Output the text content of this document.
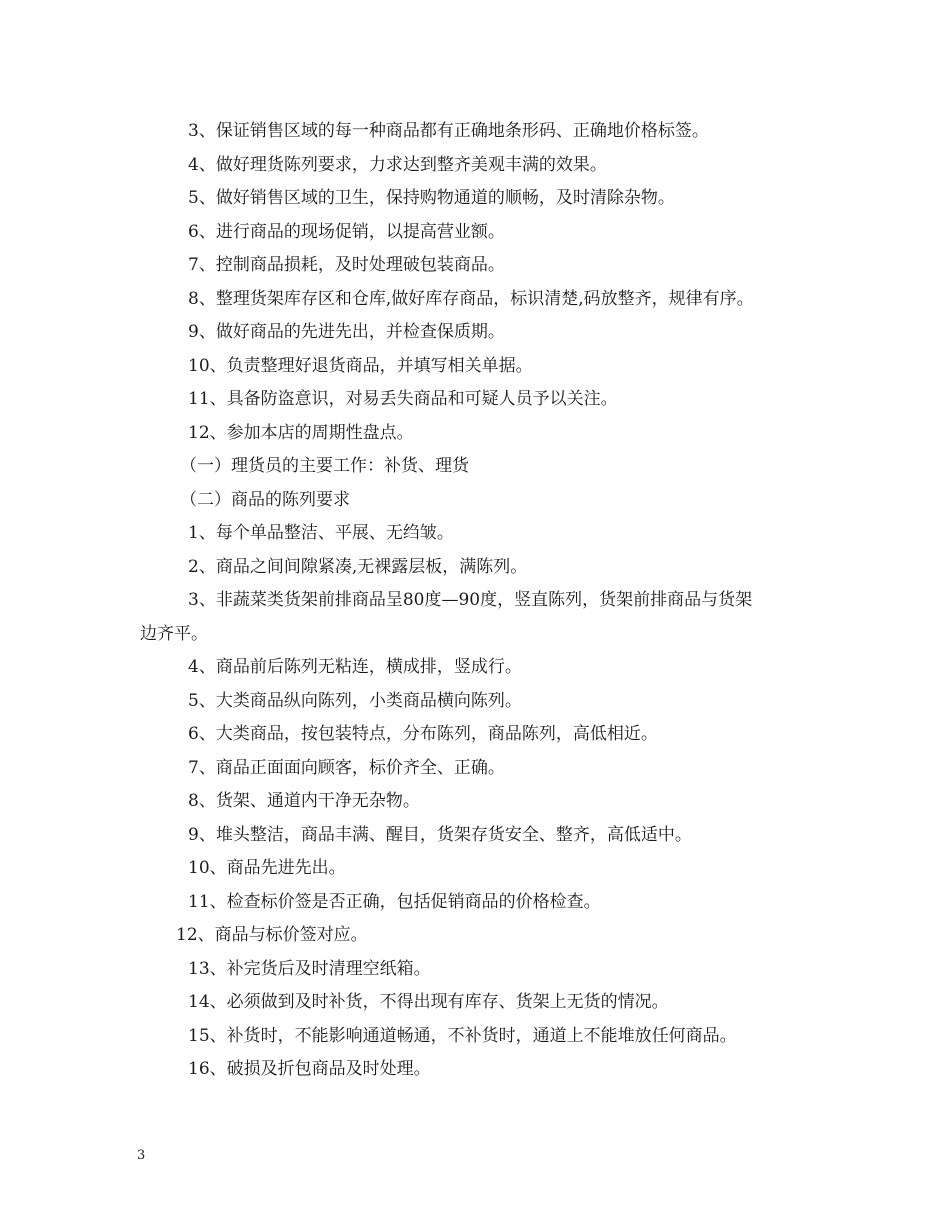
3、保证销售区域的每一种商品都有正确地条形码、正确地价格标签。
4、做好理货陈列要求，力求达到整齐美观丰满的效果。
5、做好销售区域的卫生，保持购物通道的顺畅，及时清除杂物。
6、进行商品的现场促销，以提高营业额。
7、控制商品损耗，及时处理破包装商品。
8、整理货架库存区和仓库,做好库存商品，标识清楚,码放整齐，规律有序。
9、做好商品的先进先出，并检查保质期。
10、负责整理好退货商品，并填写相关单据。
11、具备防盗意识，对易丢失商品和可疑人员予以关注。
12、参加本店的周期性盘点。
（一）理货员的主要工作：补货、理货
（二）商品的陈列要求
1、每个单品整洁、平展、无绉皱。
2、商品之间间隙紧凑,无裸露层板，满陈列。
3、非蔬菜类货架前排商品呈80度—90度，竖直陈列，货架前排商品与货架
边齐平。
4、商品前后陈列无粘连，横成排，竖成行。
5、大类商品纵向陈列，小类商品横向陈列。
6、大类商品，按包装特点，分布陈列，商品陈列，高低相近。
7、商品正面面向顾客，标价齐全、正确。
8、货架、通道内干净无杂物。
9、堆头整洁，商品丰满、醒目，货架存货安全、整齐，高低适中。
10、商品先进先出。
11、检查标价签是否正确，包括促销商品的价格检查。
12、商品与标价签对应。
13、补完货后及时清理空纸箱。
14、必须做到及时补货，不得出现有库存、货架上无货的情况。
15、补货时，不能影响通道畅通，不补货时，通道上不能堆放任何商品。
16、破损及折包商品及时处理。
3
